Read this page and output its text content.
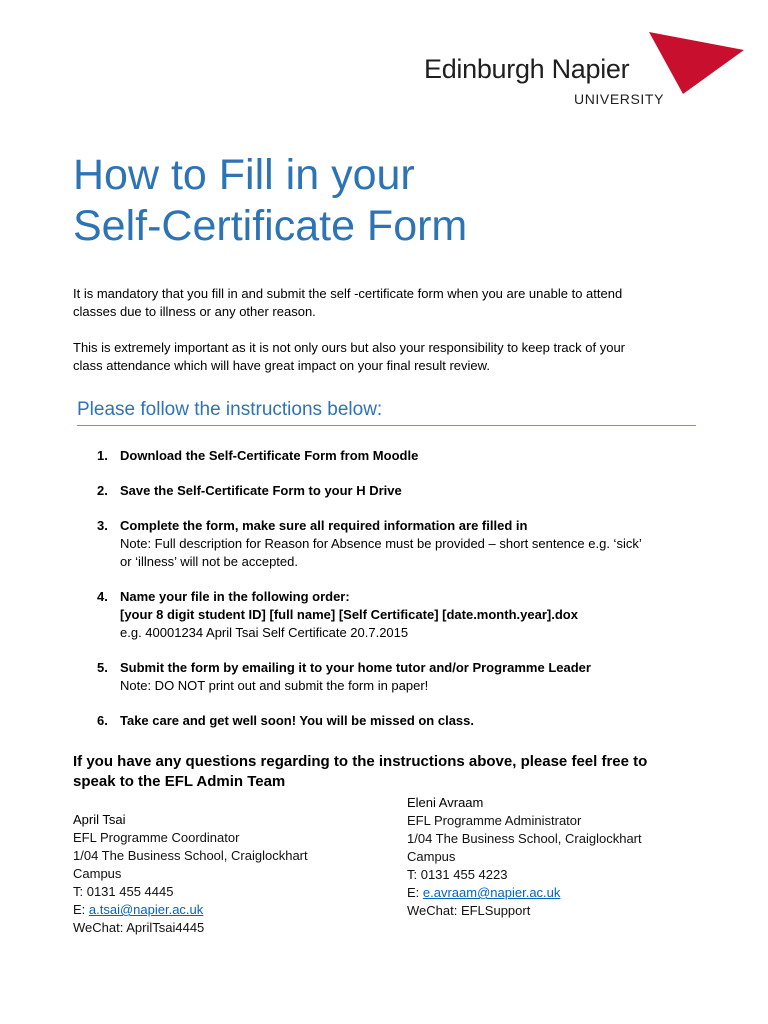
Edinburgh Napier
UNIVERSITY
How to Fill in your
Self-Certificate Form

It is mandatory that you fill in and submit the self -certificate form when you are unable to attend
classes due to illness or any other reason.

This is extremely important as it is not only ours but also your responsibility to keep track of your
class attendance which will have great impact on your final result review.

Please follow the instructions below:
1. Download the Self-Certificate Form from Moodle
2. Save the Self-Certificate Form to your H Drive
3. Complete the form, make sure all required information are filled in
Note: Full description for Reason for Absence must be provided – short sentence e.g. ‘sick’
or ‘illness’ will not be accepted.
4. Name your file in the following order:
[your 8 digit student ID] [full name] [Self Certificate] [date.month.year].dox
e.g. 40001234 April Tsai Self Certificate 20.7.2015
5. Submit the form by emailing it to your home tutor and/or Programme Leader
Note: DO NOT print out and submit the form in paper!
6. Take care and get well soon! You will be missed on class.

If you have any questions regarding to the instructions above, please feel free to
speak to the EFL Admin Team

April Tsai
EFL Programme Coordinator
1/04 The Business School, Craiglockhart
Campus
T: 0131 455 4445
E: a.tsai@napier.ac.uk
WeChat: AprilTsai4445
Eleni Avraam
EFL Programme Administrator
1/04 The Business School, Craiglockhart
Campus
T: 0131 455 4223
E: e.avraam@napier.ac.uk
WeChat: EFLSupport
